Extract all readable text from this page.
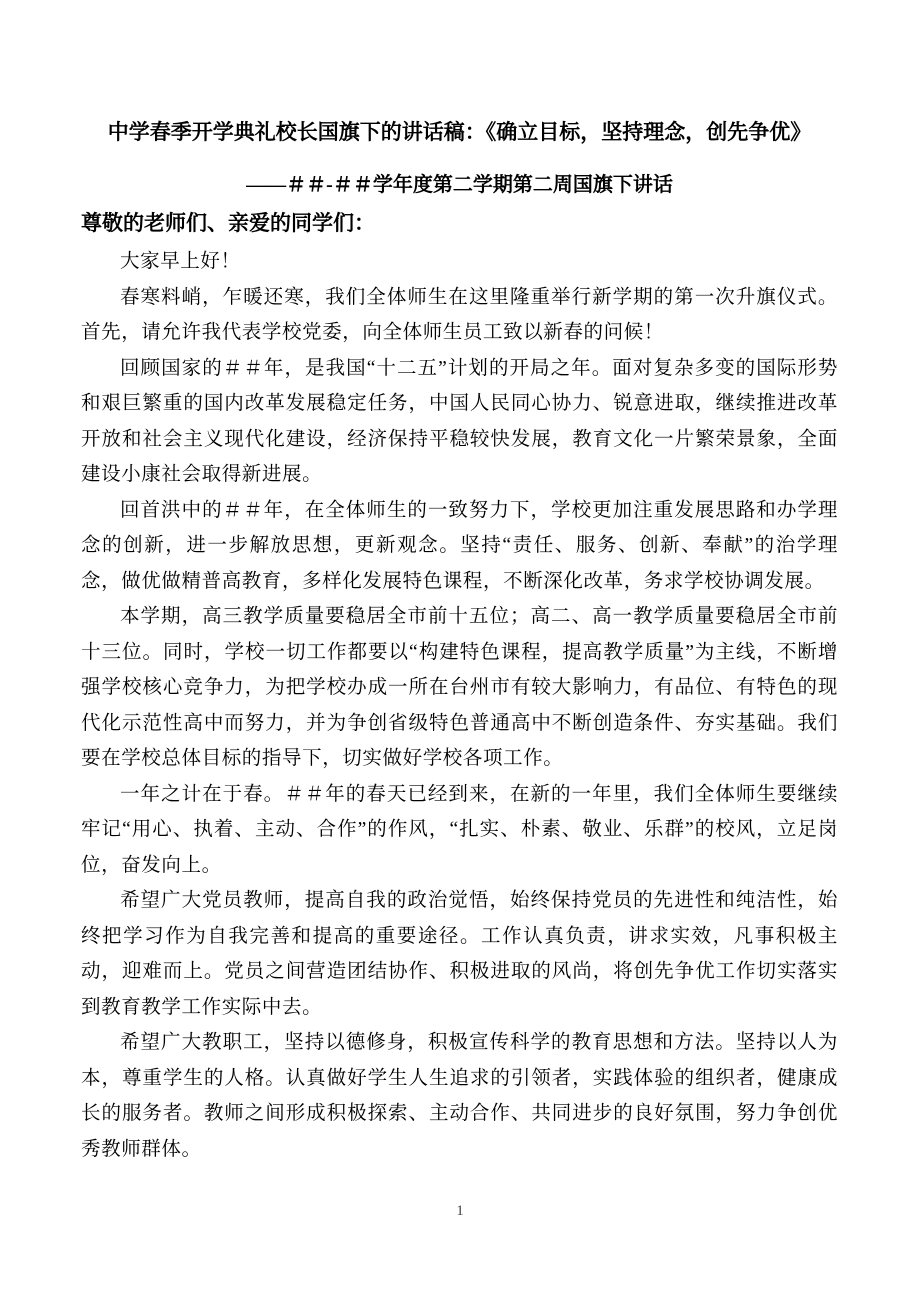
中学春季开学典礼校长国旗下的讲话稿：《确立目标，坚持理念，创先争优》
——＃＃-＃＃学年度第二学期第二周国旗下讲话

尊敬的老师们、亲爱的同学们：

大家早上好！

春寒料峭，乍暖还寒，我们全体师生在这里隆重举行新学期的第一次升旗仪式。首先，请允许我代表学校党委，向全体师生员工致以新春的问候！

回顾国家的＃＃年，是我国“十二五”计划的开局之年。面对复杂多变的国际形势和艰巨繁重的国内改革发展稳定任务，中国人民同心协力、锐意进取，继续推进改革开放和社会主义现代化建设，经济保持平稳较快发展，教育文化一片繁荣景象，全面建设小康社会取得新进展。

回首洪中的＃＃年，在全体师生的一致努力下，学校更加注重发展思路和办学理念的创新，进一步解放思想，更新观念。坚持“责任、服务、创新、奉献”的治学理念，做优做精普高教育，多样化发展特色课程，不断深化改革，务求学校协调发展。

本学期，高三教学质量要稳居全市前十五位；高二、高一教学质量要稳居全市前十三位。同时，学校一切工作都要以“构建特色课程，提高教学质量”为主线，不断增强学校核心竞争力，为把学校办成一所在台州市有较大影响力，有品位、有特色的现代化示范性高中而努力，并为争创省级特色普通高中不断创造条件、夯实基础。我们要在学校总体目标的指导下，切实做好学校各项工作。

一年之计在于春。＃＃年的春天已经到来，在新的一年里，我们全体师生要继续牢记“用心、执着、主动、合作”的作风，“扎实、朴素、敬业、乐群”的校风，立足岗位，奋发向上。

希望广大党员教师，提高自我的政治觉悟，始终保持党员的先进性和纯洁性，始终把学习作为自我完善和提高的重要途径。工作认真负责，讲求实效，凡事积极主动，迎难而上。党员之间营造团结协作、积极进取的风尚，将创先争优工作切实落实到教育教学工作实际中去。

希望广大教职工，坚持以德修身，积极宣传科学的教育思想和方法。坚持以人为本，尊重学生的人格。认真做好学生人生追求的引领者，实践体验的组织者，健康成长的服务者。教师之间形成积极探索、主动合作、共同进步的良好氛围，努力争创优秀教师群体。

1
